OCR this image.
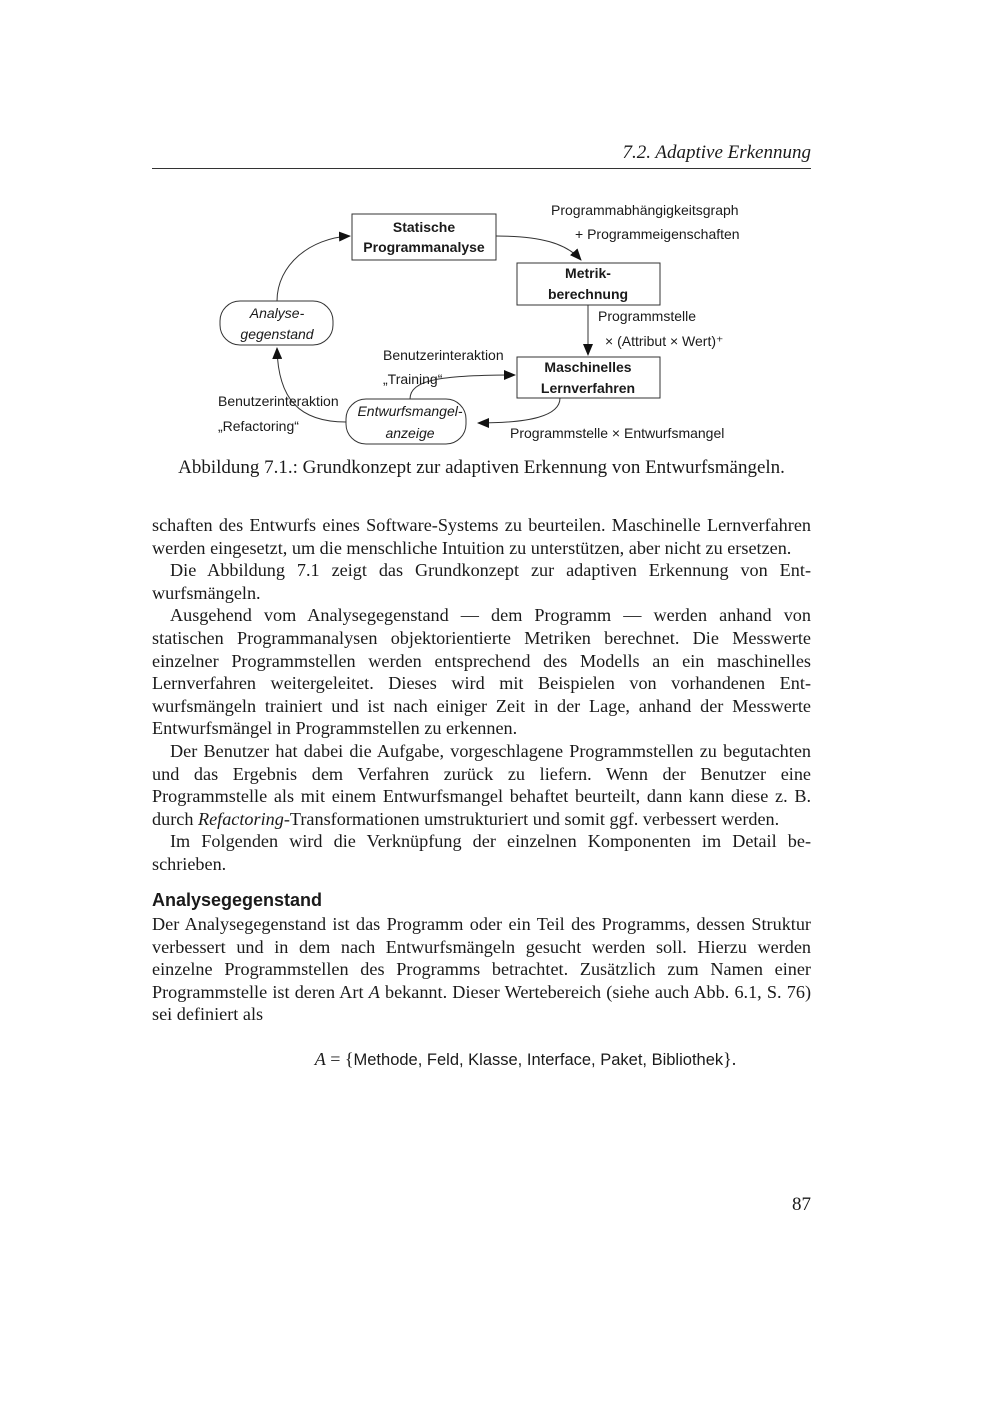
7.2. Adaptive Erkennung
Statische
Programmanalyse
Metrik-
berechnung
Maschinelles
Lernverfahren
Analyse-
gegenstand
Entwurfsmangel-
anzeige
Programmabhängigkeitsgraph
+ Programmeigenschaften
Programmstelle
× (Attribut × Wert)⁺
Benutzerinteraktion
„Training“
Benutzerinteraktion
„Refactoring“	Programmstelle × Entwurfsmangel
Abbildung 7.1.: Grundkonzept zur adaptiven Erkennung von Entwurfsmängeln.

schaften des Entwurfs eines Software-Systems zu beurteilen. Maschinelle Lernverfahren werden eingesetzt, um die menschliche Intuition zu unterstützen, aber nicht zu ersetzen.

Die Abbildung 7.1 zeigt das Grundkonzept zur adaptiven Erkennung von Entwurfsmängeln.

Ausgehend vom Analysegegenstand — dem Programm — werden anhand von statischen Programmanalysen objektorientierte Metriken berechnet. Die Messwerte einzelner Programmstellen werden entsprechend des Modells an ein maschinelles Lernverfahren weitergeleitet. Dieses wird mit Beispielen von vorhandenen Entwurfsmängeln trainiert und ist nach einiger Zeit in der Lage, anhand der Messwerte Entwurfsmängel in Programmstellen zu erkennen.

Der Benutzer hat dabei die Aufgabe, vorgeschlagene Programmstellen zu begutachten und das Ergebnis dem Verfahren zurück zu liefern. Wenn der Benutzer eine Programmstelle als mit einem Entwurfsmangel behaftet beurteilt, dann kann diese z. B. durch Refactoring-Transformationen umstrukturiert und somit ggf. verbessert werden.

Im Folgenden wird die Verknüpfung der einzelnen Komponenten im Detail beschrieben.

Analysegegenstand

Der Analysegegenstand ist das Programm oder ein Teil des Programms, dessen Struktur verbessert und in dem nach Entwurfsmängeln gesucht werden soll. Hierzu werden einzelne Programmstellen des Programms betrachtet. Zusätzlich zum Namen einer Programmstelle ist deren Art A bekannt. Dieser Wertebereich (siehe auch Abb. 6.1, S. 76) sei definiert als

A = {Methode, Feld, Klasse, Interface, Paket, Bibliothek}.
87
